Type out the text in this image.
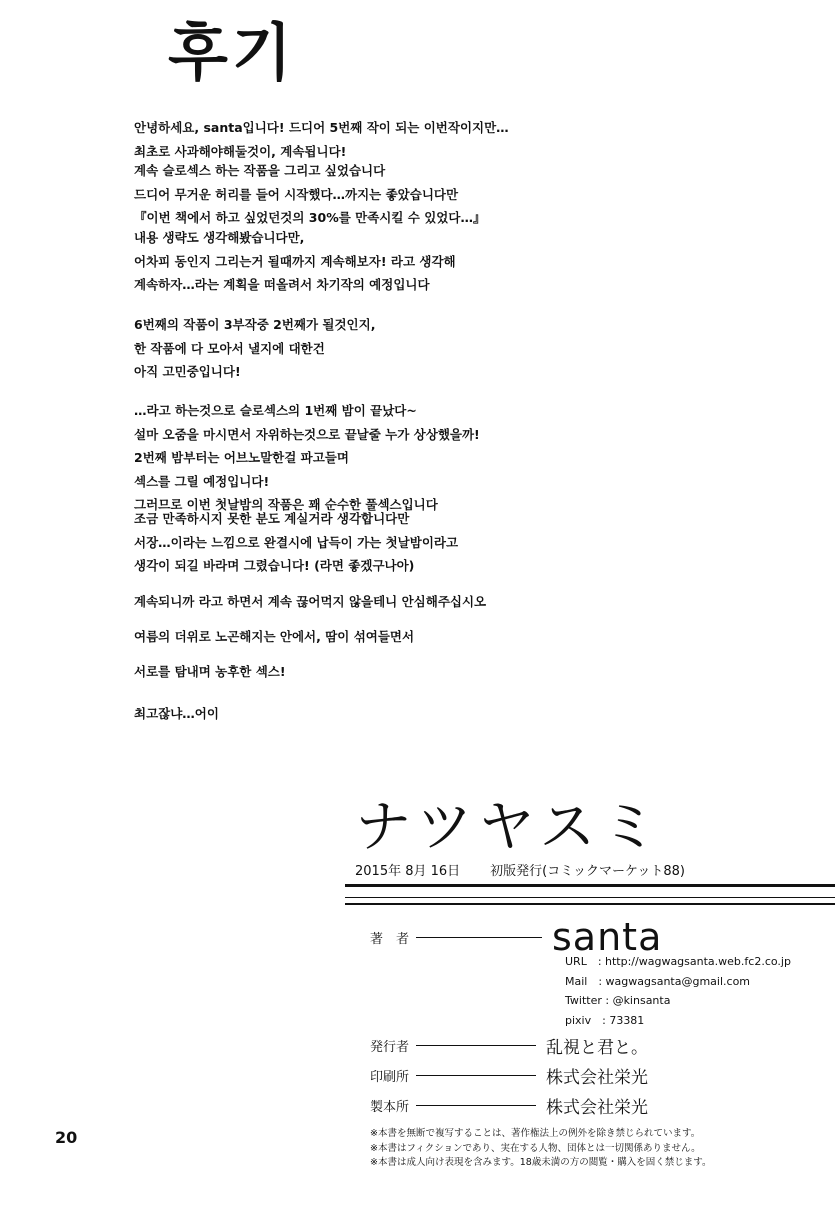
후기
안녕하세요, santa입니다! 드디어 5번째 작이 되는 이번작이지만…
최초로 사과해야해둘것이, 계속됩니다!
계속 슬로섹스 하는 작품을 그리고 싶었습니다
드디어 무거운 허리를 들어 시작했다…까지는 좋았습니다만
『이번 책에서 하고 싶었던것의 30%를 만족시킬 수 있었다…』
내용 생략도 생각해봤습니다만,
어차피 동인지 그리는거 될때까지 계속해보자! 라고 생각해
계속하자…라는 계획을 떠올려서 차기작의 예정입니다
6번째의 작품이 3부작중 2번째가 될것인지,
한 작품에 다 모아서 낼지에 대한건
아직 고민중입니다!
…라고 하는것으로 슬로섹스의 1번째 밤이 끝났다~
설마 오줌을 마시면서 자위하는것으로 끝날줄 누가 상상했을까!
2번째 밤부터는 어브노말한걸 파고들며
섹스를 그릴 예정입니다!
그러므로 이번 첫날밤의 작품은 꽤 순수한 풀섹스입니다
조금 만족하시지 못한 분도 계실거라 생각합니다만
서장…이라는 느낌으로 완결시에 납득이 가는 첫날밤이라고
생각이 되길 바라며 그렸습니다! (라면 좋겠구나아)
계속되니까 라고 하면서 계속 끊어먹지 않을테니 안심해주십시오
여름의 더위로 노곤해지는 안에서, 땀이 섞여들면서
서로를 탐내며 농후한 섹스!
최고잖냐…어이
ナツヤスミ
2015年 8月 16日 初版発行(コミックマーケット88)
著　者	santa
URL　: http://wagwagsanta.web.fc2.co.jp
Mail　: wagwagsanta@gmail.com
Twitter : @kinsanta
pixiv　: 73381
発行者	乱視と君と。
印刷所	株式会社栄光
製本所	株式会社栄光
※本書を無断で複写することは、著作権法上の例外を除き禁じられています。
※本書はフィクションであり、実在する人物、団体とは一切関係ありません。
※本書は成人向け表現を含みます。18歳未満の方の閲覧・購入を固く禁じます。
20
